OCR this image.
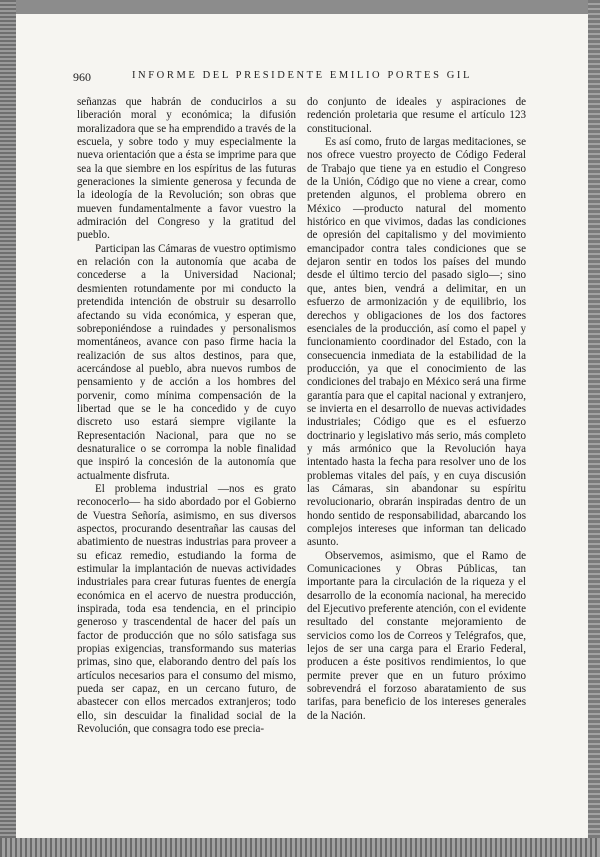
INFORME DEL PRESIDENTE EMILIO PORTES GIL
960

señanzas que habrán de conducirlos a su liberación moral y económica; la difusión moralizadora que se ha emprendido a través de la escuela, y sobre todo y muy especialmente la nueva orientación que a ésta se imprime para que sea la que siembre en los espíritus de las futuras generaciones la simiente generosa y fecunda de la ideología de la Revolución; son obras que mueven fundamentalmente a favor vuestro la admiración del Congreso y la gratitud del pueblo.

Participan las Cámaras de vuestro optimismo en relación con la autonomía que acaba de concederse a la Universidad Nacional; desmienten rotundamente por mi conducto la pretendida intención de obstruir su desarrollo afectando su vida económica, y esperan que, sobreponiéndose a ruindades y personalismos momentáneos, avance con paso firme hacia la realización de sus altos destinos, para que, acercándose al pueblo, abra nuevos rumbos de pensamiento y de acción a los hombres del porvenir, como mínima compensación de la libertad que se le ha concedido y de cuyo discreto uso estará siempre vigilante la Representación Nacional, para que no se desnaturalice o se corrompa la noble finalidad que inspiró la concesión de la autonomía que actualmente disfruta.

El problema industrial —nos es grato reconocerlo— ha sido abordado por el Gobierno de Vuestra Señoría, asimismo, en sus diversos aspectos, procurando desentrañar las causas del abatimiento de nuestras industrias para proveer a su eficaz remedio, estudiando la forma de estimular la implantación de nuevas actividades industriales para crear futuras fuentes de energía económica en el acervo de nuestra producción, inspirada, toda esa tendencia, en el principio generoso y trascendental de hacer del país un factor de producción que no sólo satisfaga sus propias exigencias, transformando sus materias primas, sino que, elaborando dentro del país los artículos necesarios para el consumo del mismo, pueda ser capaz, en un cercano futuro, de abastecer con ellos mercados extranjeros; todo ello, sin descuidar la finalidad social de la Revolución, que consagra todo ese precia-

do conjunto de ideales y aspiraciones de redención proletaria que resume el artículo 123 constitucional.

Es así como, fruto de largas meditaciones, se nos ofrece vuestro proyecto de Código Federal de Trabajo que tiene ya en estudio el Congreso de la Unión, Código que no viene a crear, como pretenden algunos, el problema obrero en México —producto natural del momento histórico en que vivimos, dadas las condiciones de opresión del capitalismo y del movimiento emancipador contra tales condiciones que se dejaron sentir en todos los países del mundo desde el último tercio del pasado siglo—; sino que, antes bien, vendrá a delimitar, en un esfuerzo de armonización y de equilibrio, los derechos y obligaciones de los dos factores esenciales de la producción, así como el papel y funcionamiento coordinador del Estado, con la consecuencia inmediata de la estabilidad de la producción, ya que el conocimiento de las condiciones del trabajo en México será una firme garantía para que el capital nacional y extranjero, se invierta en el desarrollo de nuevas actividades industriales; Código que es el esfuerzo doctrinario y legislativo más serio, más completo y más armónico que la Revolución haya intentado hasta la fecha para resolver uno de los problemas vitales del país, y en cuya discusión las Cámaras, sin abandonar su espíritu revolucionario, obrarán inspiradas dentro de un hondo sentido de responsabilidad, abarcando los complejos intereses que informan tan delicado asunto.

Observemos, asimismo, que el Ramo de Comunicaciones y Obras Públicas, tan importante para la circulación de la riqueza y el desarrollo de la economía nacional, ha merecido del Ejecutivo preferente atención, con el evidente resultado del constante mejoramiento de servicios como los de Correos y Telégrafos, que, lejos de ser una carga para el Erario Federal, producen a éste positivos rendimientos, lo que permite prever que en un futuro próximo sobrevendrá el forzoso abaratamiento de sus tarifas, para beneficio de los intereses generales de la Nación.
